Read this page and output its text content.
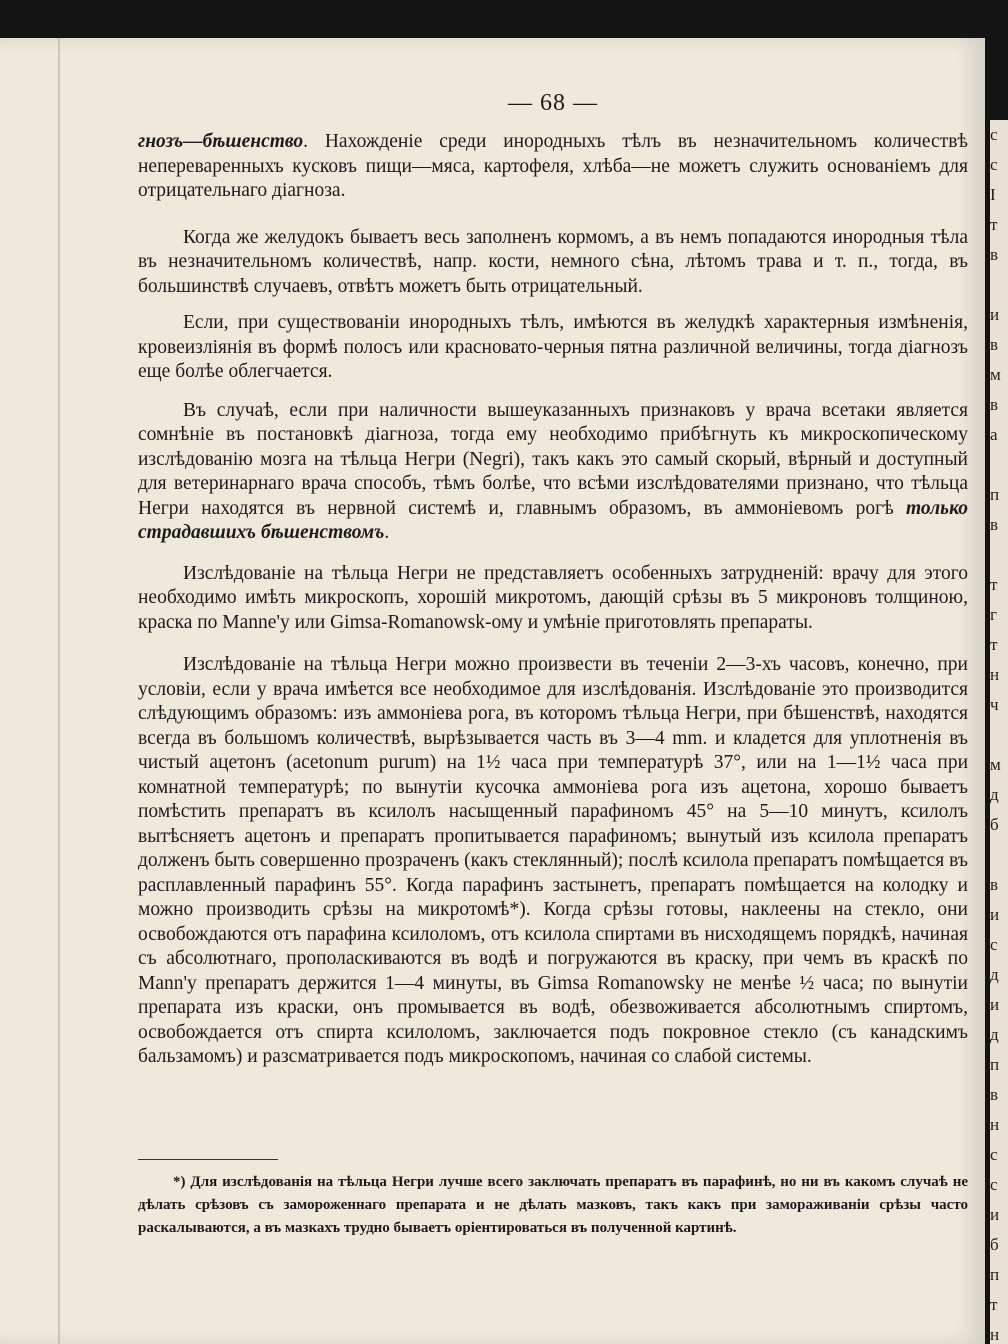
— 68 —

гнозъ—бѣшенство. Нахожденіе среди инородныхъ тѣлъ въ незначительномъ количествѣ непереваренныхъ кусковъ пищи—мяса, картофеля, хлѣба—не можетъ служить основаніемъ для отрицательнаго діагноза.

Когда же желудокъ бываетъ весь заполненъ кормомъ, а въ немъ попадаются инородныя тѣла въ незначительномъ количествѣ, напр. кости, немного сѣна, лѣтомъ трава и т. п., тогда, въ большинствѣ случаевъ, отвѣтъ можетъ быть отрицательный.

Если, при существованіи инородныхъ тѣлъ, имѣются въ желудкѣ характерныя измѣненія, кровеизліянія въ формѣ полосъ или красновато-черныя пятна различной величины, тогда діагнозъ еще болѣе облегчается.

Въ случаѣ, если при наличности вышеуказанныхъ признаковъ у врача всетаки является сомнѣніе въ постановкѣ діагноза, тогда ему необходимо прибѣгнуть къ микроскопическому изслѣдованію мозга на тѣльца Негри (Negri), такъ какъ это самый скорый, вѣрный и доступный для ветеринарнаго врача способъ, тѣмъ болѣе, что всѣми изслѣдователями признано, что тѣльца Негри находятся въ нервной системѣ и, главнымъ образомъ, въ аммоніевомъ рогѣ только страдавшихъ бѣшенствомъ.

Изслѣдованіе на тѣльца Негри не представляетъ особенныхъ затрудненій: врачу для этого необходимо имѣть микроскопъ, хорошій микротомъ, дающій срѣзы въ 5 микроновъ толщиною, краска по Manne'у или Gimsa-Romanowsk-ому и умѣніе приготовлять препараты.

Изслѣдованіе на тѣльца Негри можно произвести въ теченіи 2—3-хъ часовъ, конечно, при условіи, если у врача имѣется все необходимое для изслѣдованія. Изслѣдованіе это производится слѣдующимъ образомъ: изъ аммоніева рога, въ которомъ тѣльца Негри, при бѣшенствѣ, находятся всегда въ большомъ количествѣ, вырѣзывается часть въ 3—4 mm. и кладется для уплотненія въ чистый ацетонъ (acetonum purum) на 1½ часа при температурѣ 37°, или на 1—1½ часа при комнатной температурѣ; по вынутіи кусочка аммоніева рога изъ ацетона, хорошо бываетъ помѣстить препаратъ въ ксилолъ насыщенный парафиномъ 45° на 5—10 минутъ, ксилолъ вытѣсняетъ ацетонъ и препаратъ пропитывается парафиномъ; вынутый изъ ксилола препаратъ долженъ быть совершенно прозраченъ (какъ стеклянный); послѣ ксилола препаратъ помѣщается въ расплавленный парафинъ 55°. Когда парафинъ застынетъ, препаратъ помѣщается на колодку и можно производить срѣзы на микротомѣ*). Когда срѣзы готовы, наклеены на стекло, они освобождаются отъ парафина ксилоломъ, отъ ксилола спиртами въ нисходящемъ порядкѣ, начиная съ абсолютнаго, прополаскиваются въ водѣ и погружаются въ краску, при чемъ въ краскѣ по Mann'у препаратъ держится 1—4 минуты, въ Gimsa Romanowsky не менѣе ½ часа; по вынутіи препарата изъ краски, онъ промывается въ водѣ, обезвоживается абсолютнымъ спиртомъ, освобождается отъ спирта ксилоломъ, заключается подъ покровное стекло (съ канадскимъ бальзамомъ) и разсматривается подъ микроскопомъ, начиная со слабой системы.

*) Для изслѣдованія на тѣльца Негри лучше всего заключать препаратъ въ парафинѣ, но ни въ какомъ случаѣ не дѣлать срѣзовъ съ замороженнаго препарата и не дѣлать мазковъ, такъ какъ при замораживаніи срѣзы часто раскалываются, а въ мазкахъ трудно бываетъ оріентироваться въ полученной картинѣ.
с
с
I
т
в

и
в
м
в
а

п
в

т
г
т
н
ч

м
д
б

в
и
с
д
и
д
п
в
н
с
с
и
б
п
т
н
